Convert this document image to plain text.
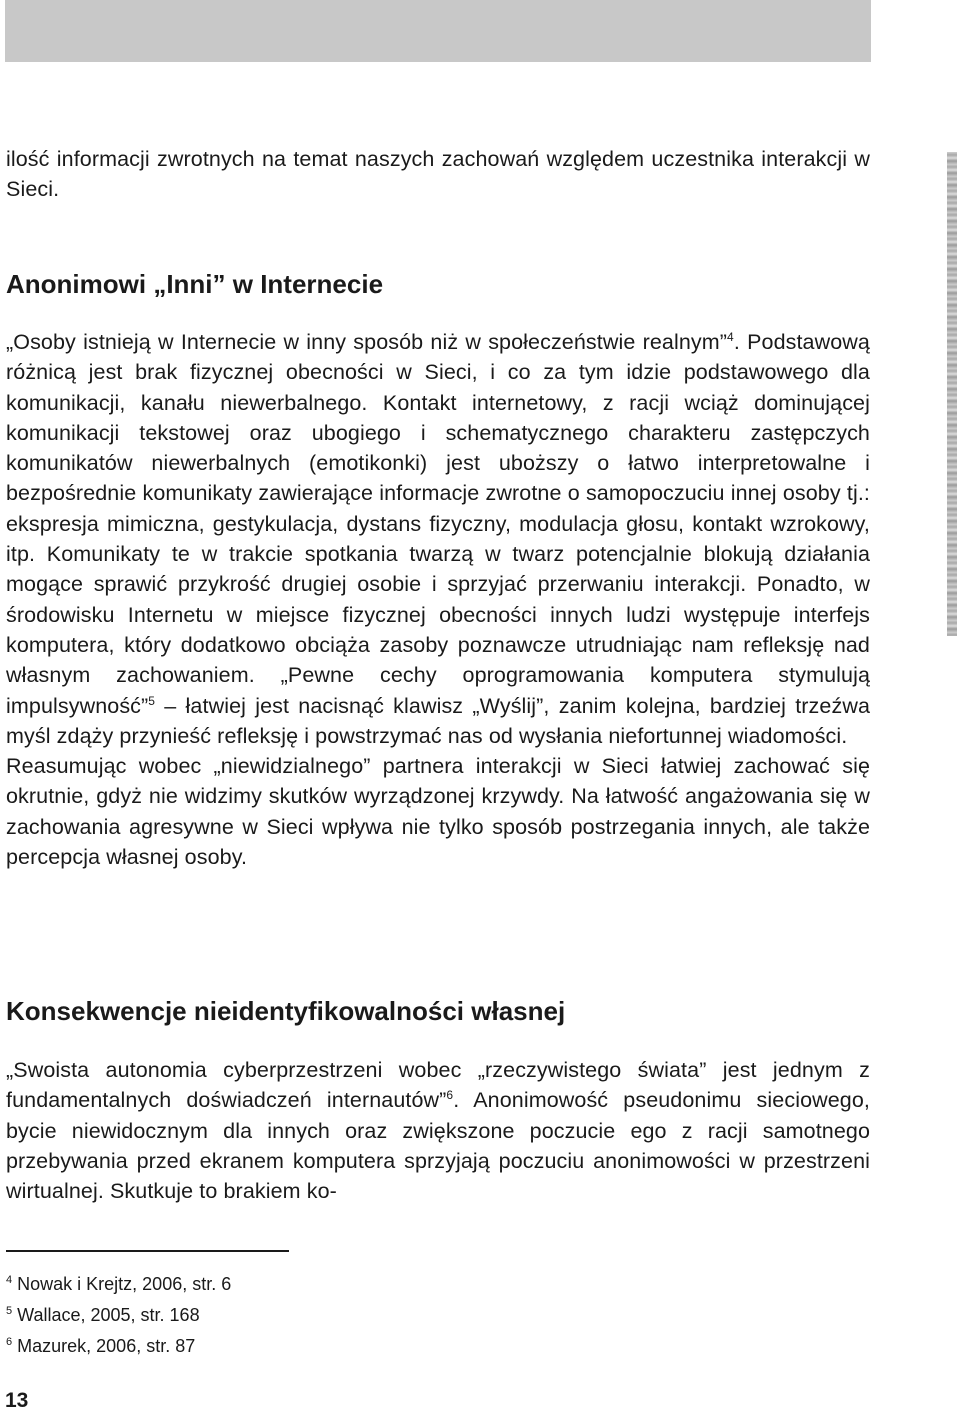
ilość informacji zwrotnych na temat naszych zachowań względem uczestnika interakcji w Sieci.

Anonimowi „Inni” w Internecie

„Osoby istnieją w Internecie w inny sposób niż w społeczeństwie realnym”$^4$. Podstawową różnicą jest brak fizycznej obecności w Sieci, i co za tym idzie podstawowego dla komunikacji, kanału niewerbalnego. Kontakt internetowy, z racji wciąż dominującej komunikacji tekstowej oraz ubogiego i schematycznego charakteru zastępczych komunikatów niewerbalnych (emotikonki) jest uboższy o łatwo interpretowalne i bezpośrednie komunikaty zawierające informacje zwrotne o samopoczuciu innej osoby tj.: ekspresja mimiczna, gestykulacja, dystans fizyczny, modulacja głosu, kontakt wzrokowy, itp. Komunikaty te w trakcie spotkania twarzą w twarz potencjalnie blokują działania mogące sprawić przykrość drugiej osobie i sprzyjać przerwaniu interakcji. Ponadto, w środowisku Internetu w miejsce fizycznej obecności innych ludzi występuje interfejs komputera, który dodatkowo obciąża zasoby poznawcze utrudniając nam refleksję nad własnym zachowaniem. „Pewne cechy oprogramowania komputera stymulują impulsywność”$^5$ – łatwiej jest nacisnąć klawisz „Wyślij”, zanim kolejna, bardziej trzeźwa myśl zdąży przynieść refleksję i powstrzymać nas od wysłania niefortunnej wiadomości.

Reasumując wobec „niewidzialnego” partnera interakcji w Sieci łatwiej zachować się okrutnie, gdyż nie widzimy skutków wyrządzonej krzywdy. Na łatwość angażowania się w zachowania agresywne w Sieci wpływa nie tylko sposób postrzegania innych, ale także percepcja własnej osoby.

Konsekwencje nieidentyfikowalności własnej

„Swoista autonomia cyberprzestrzeni wobec „rzeczywistego świata” jest jednym z fundamentalnych doświadczeń internautów”$^6$. Anonimowość pseudonimu sieciowego, bycie niewidocznym dla innych oraz zwiększone poczucie ego z racji samotnego przebywania przed ekranem komputera sprzyjają poczuciu anonimowości w przestrzeni wirtualnej. Skutkuje to brakiem ko-

$^4$ Nowak i Krejtz, 2006, str. 6
$^5$ Wallace, 2005, str. 168
$^6$ Mazurek, 2006, str. 87
13
